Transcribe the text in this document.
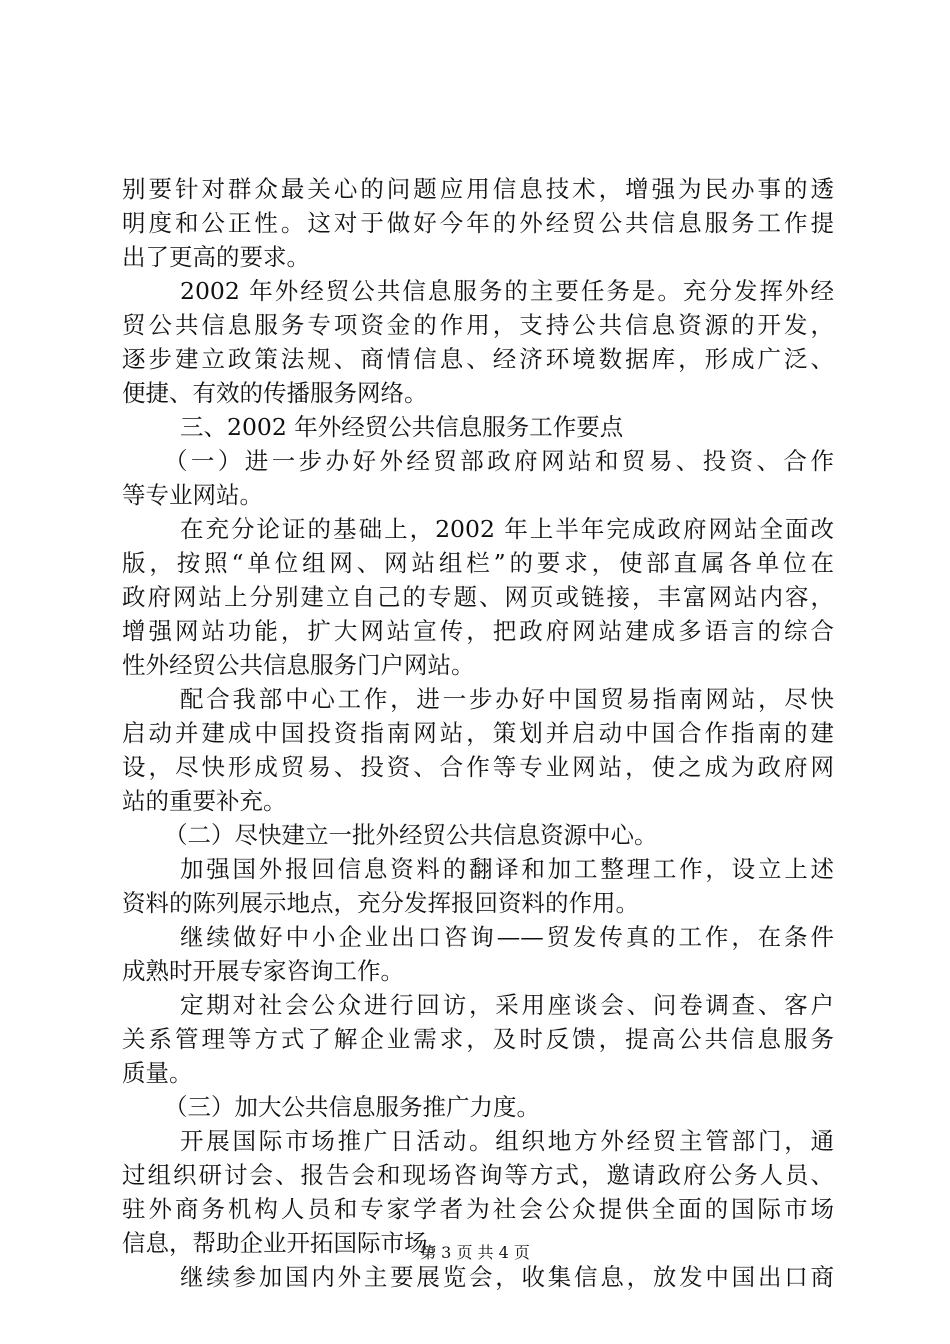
别要针对群众最关心的问题应用信息技术，增强为民办事的透
明度和公正性。这对于做好今年的外经贸公共信息服务工作提
出了更高的要求。
2002 年外经贸公共信息服务的主要任务是。充分发挥外经
贸公共信息服务专项资金的作用，支持公共信息资源的开发，
逐步建立政策法规、商情信息、经济环境数据库，形成广泛、
便捷、有效的传播服务网络。
三、2002 年外经贸公共信息服务工作要点
（一）进一步办好外经贸部政府网站和贸易、投资、合作
等专业网站。
在充分论证的基础上，2002 年上半年完成政府网站全面改
版，按照“单位组网、网站组栏”的要求，使部直属各单位在
政府网站上分别建立自己的专题、网页或链接，丰富网站内容，
增强网站功能，扩大网站宣传，把政府网站建成多语言的综合
性外经贸公共信息服务门户网站。
配合我部中心工作，进一步办好中国贸易指南网站，尽快
启动并建成中国投资指南网站，策划并启动中国合作指南的建
设，尽快形成贸易、投资、合作等专业网站，使之成为政府网
站的重要补充。
（二）尽快建立一批外经贸公共信息资源中心。
加强国外报回信息资料的翻译和加工整理工作，设立上述
资料的陈列展示地点，充分发挥报回资料的作用。
继续做好中小企业出口咨询——贸发传真的工作，在条件
成熟时开展专家咨询工作。
定期对社会公众进行回访，采用座谈会、问卷调查、客户
关系管理等方式了解企业需求，及时反馈，提高公共信息服务
质量。
（三）加大公共信息服务推广力度。
开展国际市场推广日活动。组织地方外经贸主管部门，通
过组织研讨会、报告会和现场咨询等方式，邀请政府公务人员、
驻外商务机构人员和专家学者为社会公众提供全面的国际市场
信息，帮助企业开拓国际市场。
继续参加国内外主要展览会，收集信息，放发中国出口商
第 3 页 共 4 页
